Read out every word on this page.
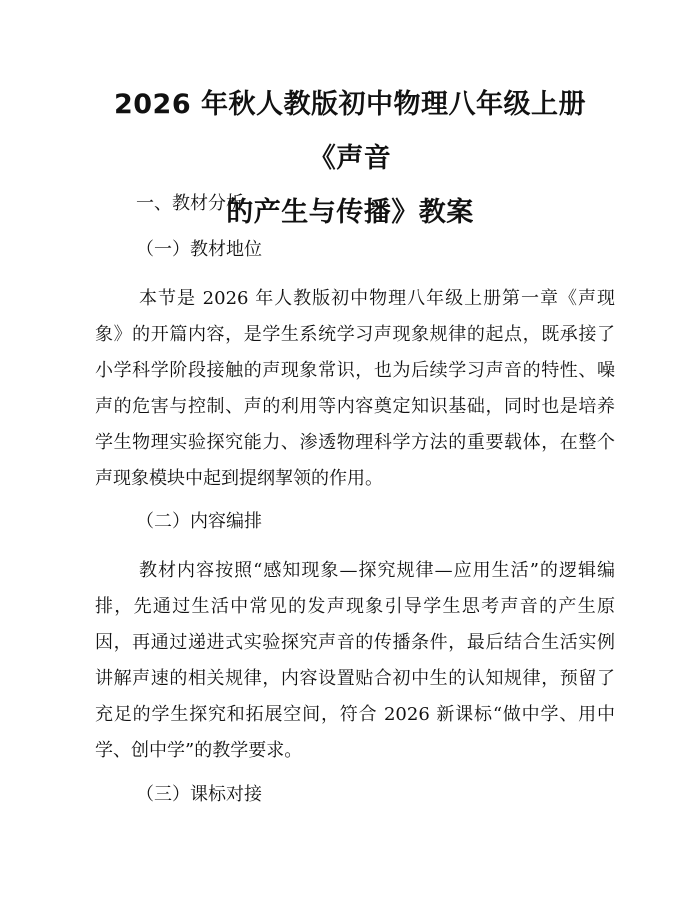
2026 年秋人教版初中物理八年级上册《声音
的产生与传播》教案
一、教材分析
（一）教材地位
本节是 2026 年人教版初中物理八年级上册第一章《声现象》的开篇内容，是学生系统学习声现象规律的起点，既承接了小学科学阶段接触的声现象常识，也为后续学习声音的特性、噪声的危害与控制、声的利用等内容奠定知识基础，同时也是培养学生物理实验探究能力、渗透物理科学方法的重要载体，在整个声现象模块中起到提纲挈领的作用。
（二）内容编排
教材内容按照“感知现象—探究规律—应用生活”的逻辑编排，先通过生活中常见的发声现象引导学生思考声音的产生原因，再通过递进式实验探究声音的传播条件，最后结合生活实例讲解声速的相关规律，内容设置贴合初中生的认知规律，预留了充足的学生探究和拓展空间，符合 2026 新课标“做中学、用中学、创中学”的教学要求。
（三）课标对接
